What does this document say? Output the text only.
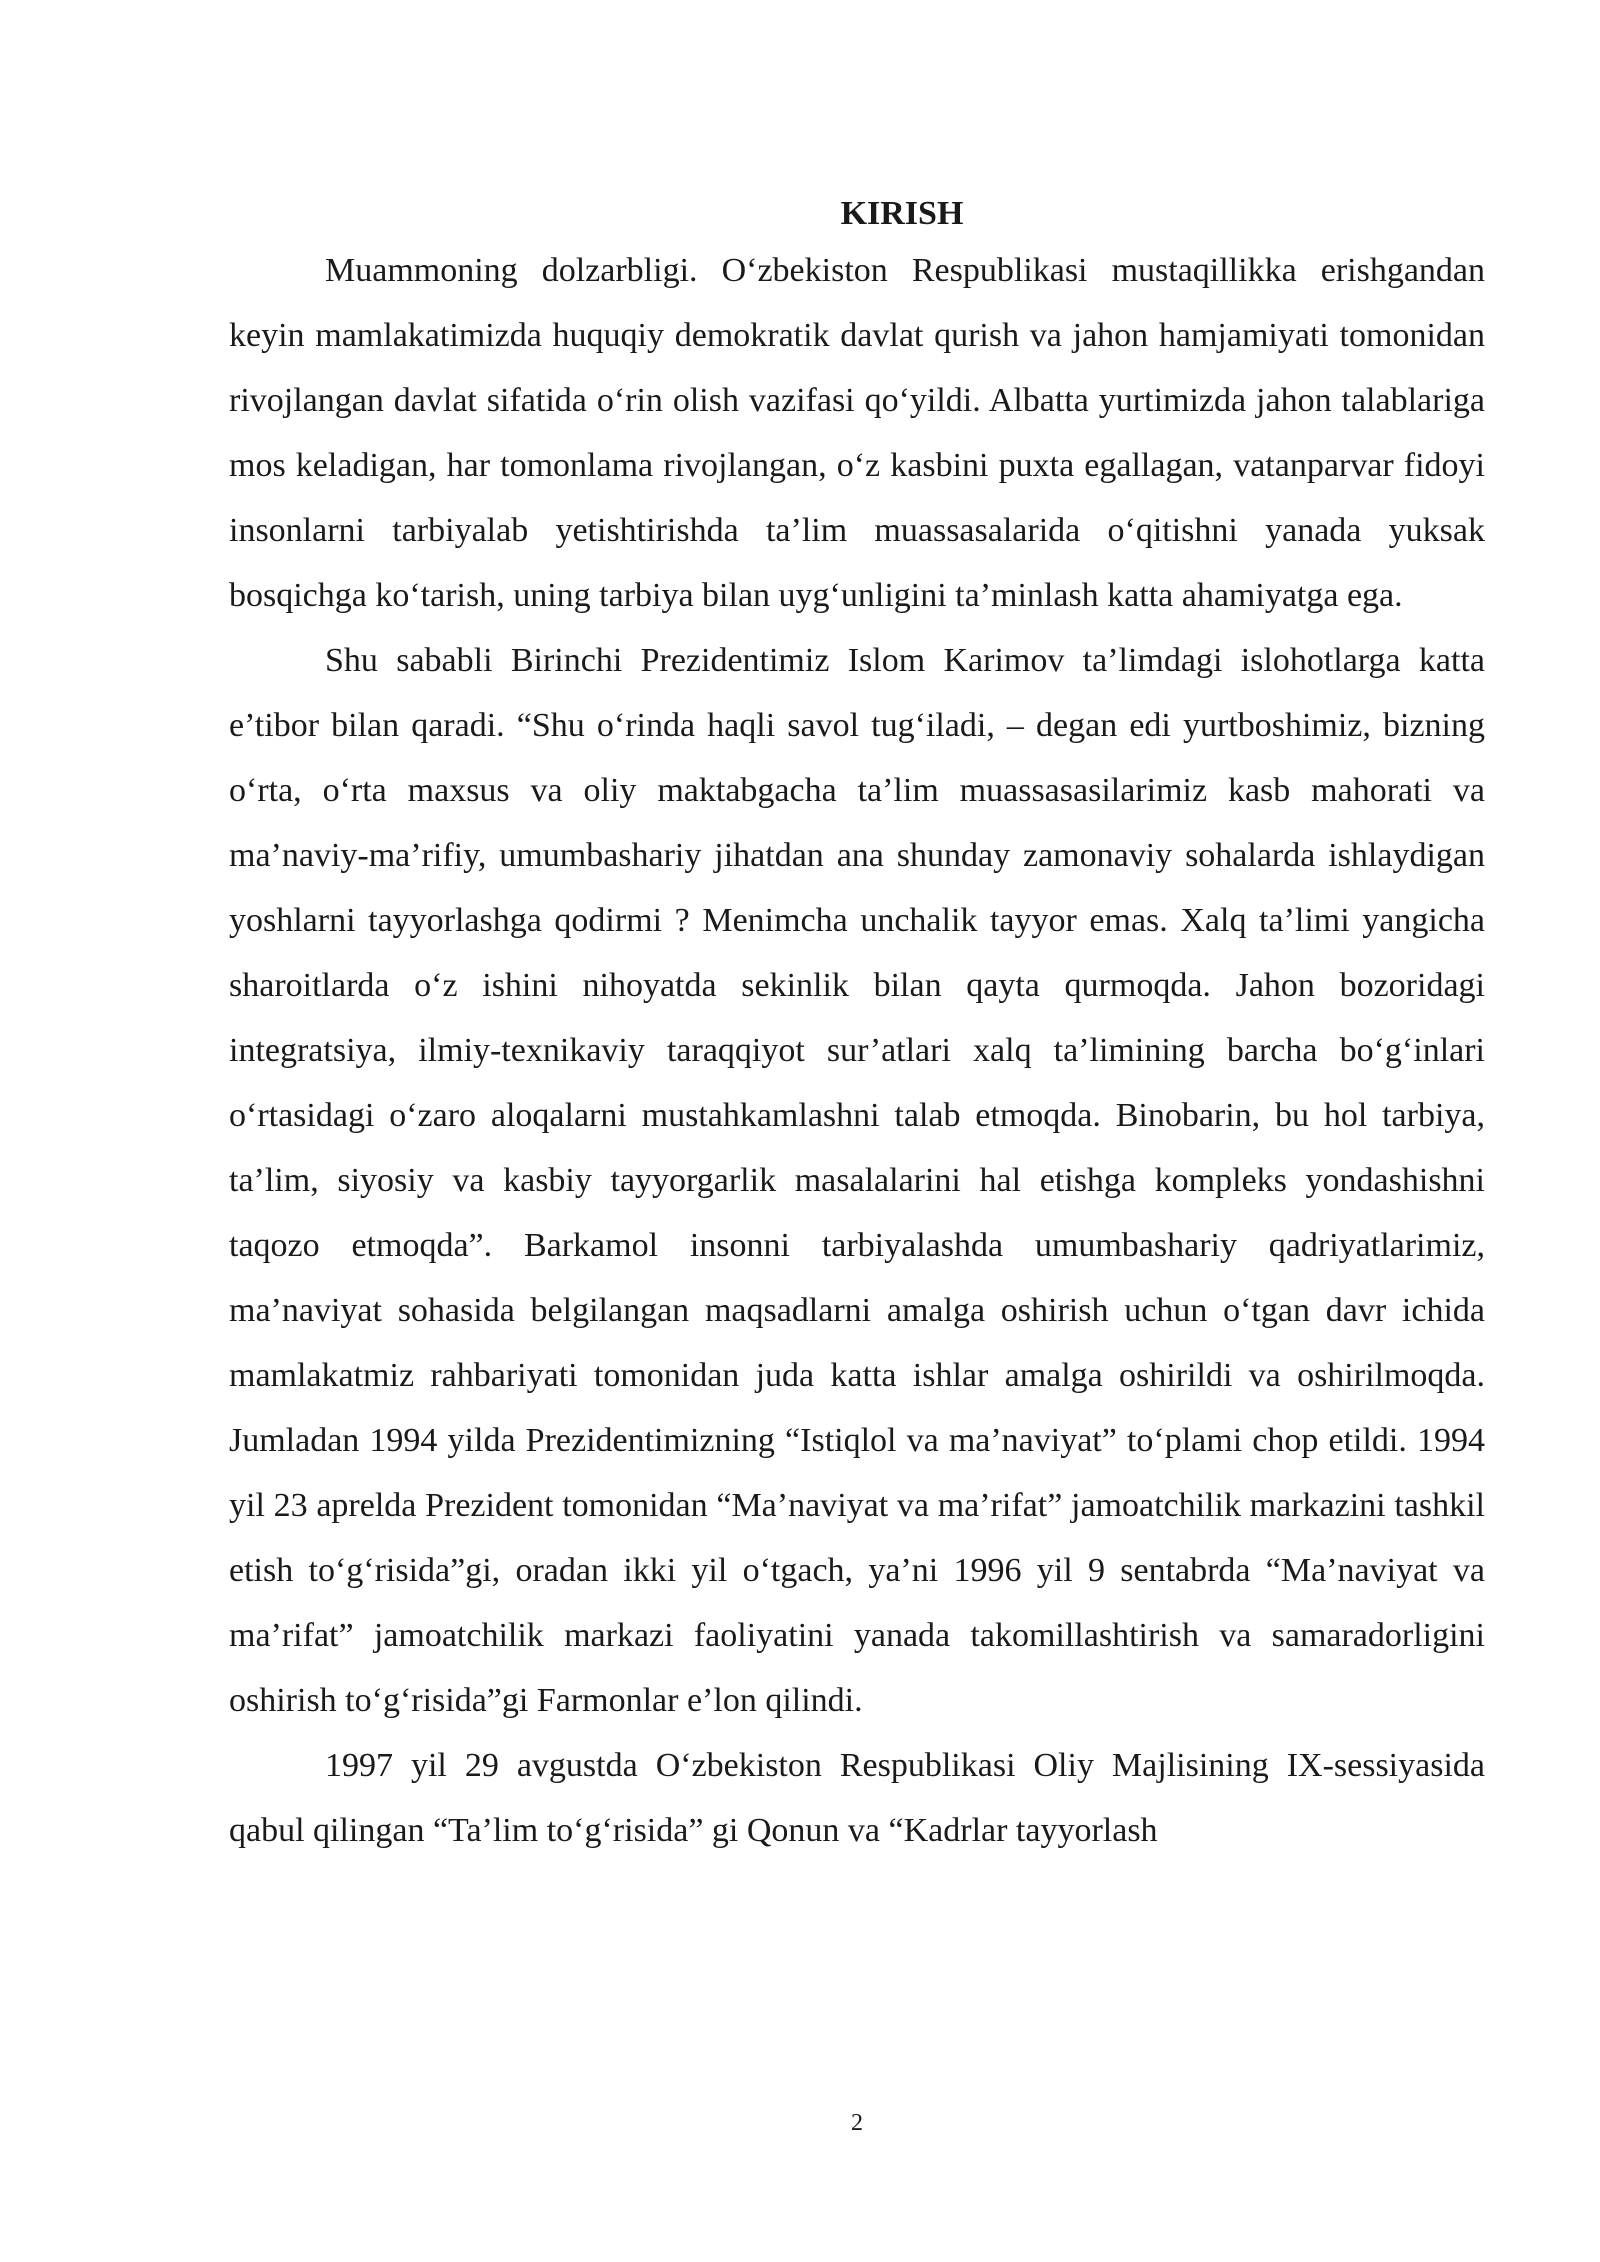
KIRISH

Muammoning dolzarbligi. O‘zbekiston Respublikasi mustaqillikka erishgandan keyin mamlakatimizda huquqiy demokratik davlat qurish va jahon hamjamiyati tomonidan rivojlangan davlat sifatida o‘rin olish vazifasi qo‘yildi. Albatta yurtimizda jahon talablariga mos keladigan, har tomonlama rivojlangan, o‘z kasbini puxta egallagan, vatanparvar fidoyi insonlarni tarbiyalab yetishtirishda ta’lim muassasalarida o‘qitishni yanada yuksak bosqichga ko‘tarish, uning tarbiya bilan uyg‘unligini ta’minlash katta ahamiyatga ega.

Shu sababli Birinchi Prezidentimiz Islom Karimov ta’limdagi islohotlarga katta e’tibor bilan qaradi. “Shu o‘rinda haqli savol tug‘iladi, – degan edi yurtboshimiz, bizning o‘rta, o‘rta maxsus va oliy maktabgacha ta’lim muassasasilarimiz kasb mahorati va ma’naviy-ma’rifiy, umumbashariy jihatdan ana shunday zamonaviy sohalarda ishlaydigan yoshlarni tayyorlashga qodirmi ? Menimcha unchalik tayyor emas. Xalq ta’limi yangicha sharoitlarda o‘z ishini nihoyatda sekinlik bilan qayta qurmoqda. Jahon bozoridagi integratsiya, ilmiy-texnikaviy taraqqiyot sur’atlari xalq ta’limining barcha bo‘g‘inlari o‘rtasidagi o‘zaro aloqalarni mustahkamlashni talab etmoqda. Binobarin, bu hol tarbiya, ta’lim, siyosiy va kasbiy tayyorgarlik masalalarini hal etishga kompleks yondashishni taqozo etmoqda”. Barkamol insonni tarbiyalashda umumbashariy qadriyatlarimiz, ma’naviyat sohasida belgilangan maqsadlarni amalga oshirish uchun o‘tgan davr ichida mamlakatmiz rahbariyati tomonidan juda katta ishlar amalga oshirildi va oshirilmoqda. Jumladan 1994 yilda Prezidentimizning “Istiqlol va ma’naviyat” to‘plami chop etildi. 1994 yil 23 aprelda Prezident tomonidan “Ma’naviyat va ma’rifat” jamoatchilik markazini tashkil etish to‘g‘risida”gi, oradan ikki yil o‘tgach, ya’ni 1996 yil 9 sentabrda “Ma’naviyat va ma’rifat” jamoatchilik markazi faoliyatini yanada takomillashtirish va samaradorligini oshirish to‘g‘risida”gi Farmonlar e’lon qilindi.

1997 yil 29 avgustda O‘zbekiston Respublikasi Oliy Majlisining IX-sessiyasida qabul qilingan “Ta’lim to‘g‘risida” gi Qonun va “Kadrlar tayyorlash

2
